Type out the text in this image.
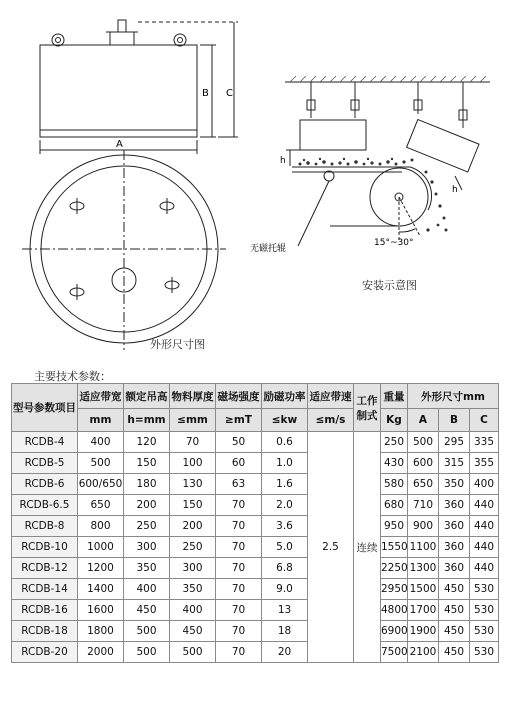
A
B C
h
h
15°~30°
无磁托辊
外形尺寸图
安装示意图
主要技术参数：
型号参数项目	适应带宽	额定吊高	物料厚度	磁场强度	励磁功率	适应带速	工作制式	重量	外形尺寸mm		
	mm	h=mm	≤mm	≥mT	≤kw	≤m/s		Kg	A	B	C
RCDB-4	400	120	70	50	0.6	2.5	连续	250	500	295	335
RCDB-5	500	150	100	60	1.0			430	600	315	355
RCDB-6	600/650	180	130	63	1.6			580	650	350	400
RCDB-6.5	650	200	150	70	2.0			680	710	360	440
RCDB-8	800	250	200	70	3.6			950	900	360	440
RCDB-10	1000	300	250	70	5.0			1550	1100	360	440
RCDB-12	1200	350	300	70	6.8			2250	1300	360	440
RCDB-14	1400	400	350	70	9.0			2950	1500	450	530
RCDB-16	1600	450	400	70	13			4800	1700	450	530
RCDB-18	1800	500	450	70	18			6900	1900	450	530
RCDB-20	2000	500	500	70	20			7500	2100	450	530
